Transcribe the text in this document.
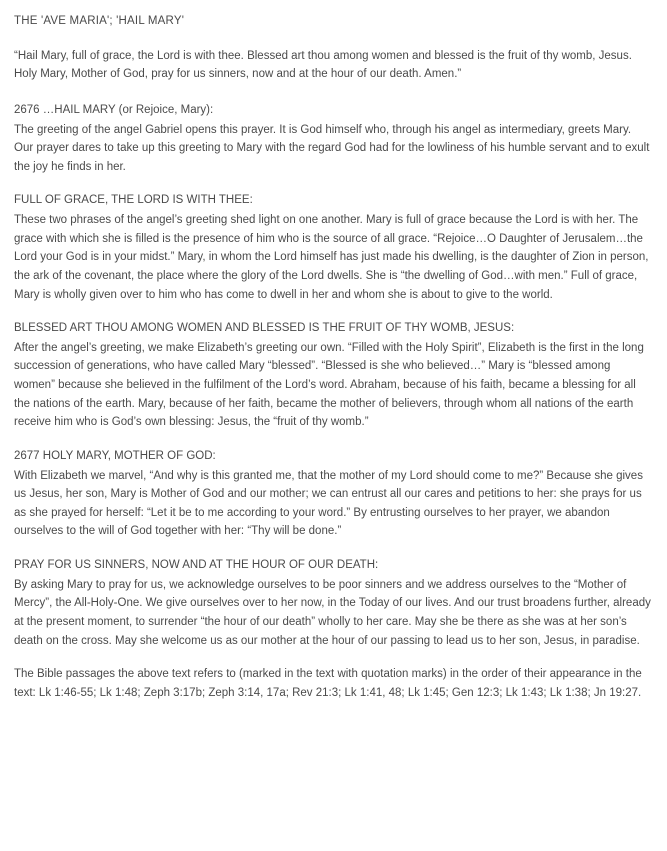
THE 'AVE MARIA'; 'HAIL MARY'

“Hail Mary, full of grace, the Lord is with thee. Blessed art thou among women and blessed is the fruit of thy womb, Jesus. Holy Mary, Mother of God, pray for us sinners, now and at the hour of our death. Amen.”

2676 …HAIL MARY (or Rejoice, Mary):

The greeting of the angel Gabriel opens this prayer. It is God himself who, through his angel as intermediary, greets Mary. Our prayer dares to take up this greeting to Mary with the regard God had for the lowliness of his humble servant and to exult the joy he finds in her.

FULL OF GRACE, THE LORD IS WITH THEE:

These two phrases of the angel’s greeting shed light on one another. Mary is full of grace because the Lord is with her. The grace with which she is filled is the presence of him who is the source of all grace. “Rejoice…O Daughter of Jerusalem…the Lord your God is in your midst.” Mary, in whom the Lord himself has just made his dwelling, is the daughter of Zion in person, the ark of the covenant, the place where the glory of the Lord dwells. She is “the dwelling of God…with men.” Full of grace, Mary is wholly given over to him who has come to dwell in her and whom she is about to give to the world.

BLESSED ART THOU AMONG WOMEN AND BLESSED IS THE FRUIT OF THY WOMB, JESUS:

After the angel’s greeting, we make Elizabeth’s greeting our own. “Filled with the Holy Spirit”, Elizabeth is the first in the long succession of generations, who have called Mary “blessed”. “Blessed is she who believed…” Mary is “blessed among women” because she believed in the fulfilment of the Lord’s word. Abraham, because of his faith, became a blessing for all the nations of the earth. Mary, because of her faith, became the mother of believers, through whom all nations of the earth receive him who is God’s own blessing: Jesus, the “fruit of thy womb.”

2677 HOLY MARY, MOTHER OF GOD:

With Elizabeth we marvel, “And why is this granted me, that the mother of my Lord should come to me?” Because she gives us Jesus, her son, Mary is Mother of God and our mother; we can entrust all our cares and petitions to her: she prays for us as she prayed for herself: “Let it be to me according to your word.” By entrusting ourselves to her prayer, we abandon ourselves to the will of God together with her: “Thy will be done.”

PRAY FOR US SINNERS, NOW AND AT THE HOUR OF OUR DEATH:

By asking Mary to pray for us, we acknowledge ourselves to be poor sinners and we address ourselves to the “Mother of Mercy”, the All-Holy-One. We give ourselves over to her now, in the Today of our lives. And our trust broadens further, already at the present moment, to surrender “the hour of our death” wholly to her care. May she be there as she was at her son’s death on the cross. May she welcome us as our mother at the hour of our passing to lead us to her son, Jesus, in paradise.

The Bible passages the above text refers to (marked in the text with quotation marks) in the order of their appearance in the text: Lk 1:46-55; Lk 1:48; Zeph 3:17b; Zeph 3:14, 17a; Rev 21:3; Lk 1:41, 48; Lk 1:45; Gen 12:3; Lk 1:43; Lk 1:38; Jn 19:27.
